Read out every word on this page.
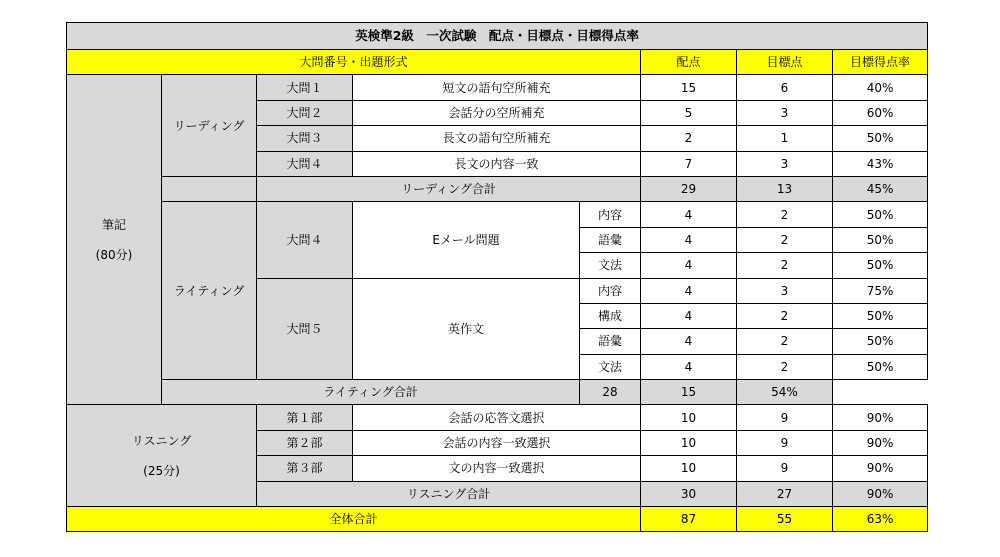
英検準2級　一次試験　配点・目標点・目標得点率							
大問番号・出題形式					配点	目標点	目標得点率

筆記
(80分)	リーディング	大問１	短文の語句空所補充		15	6	40%
		大問２	会話分の空所補充		5	3	60%
		大問３	長文の語句空所補充		2	1	50%
		大問４	長文の内容一致		7	3	43%
		リーディング合計			29	13	45%
	ライティング	大問４	Eメール問題	内容	4	2	50%
				語彙	4	2	50%
				文法	4	2	50%
		大問５	英作文	内容	4	3	75%
				構成	4	2	50%
				語彙	4	2	50%
				文法	4	2	50%
	ライティング合計			28	15	54%	

リスニング
(25分)		第１部	会話の応答文選択		10	9	90%
		第２部	会話の内容一致選択		10	9	90%
		第３部	文の内容一致選択		10	9	90%
		リスニング合計			30	27	90%
全体合計					87	55	63%
